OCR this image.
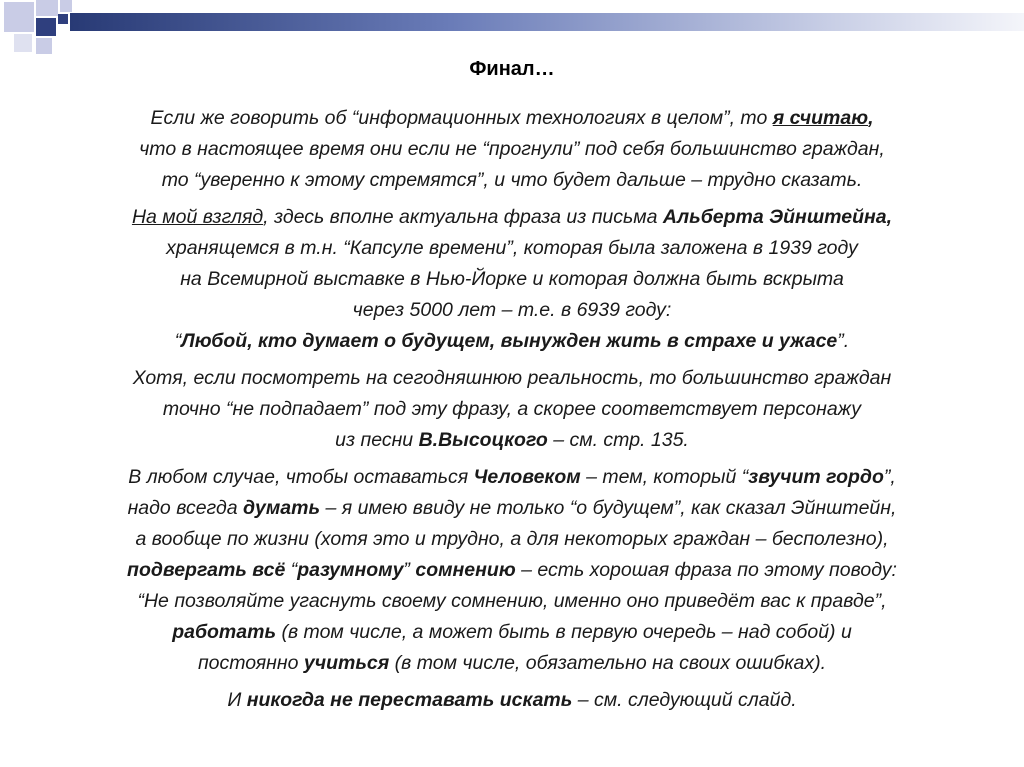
Финал…

Если же говорить об “информационных технологиях в целом”, то я считаю,
что в настоящее время они если не “прогнули” под себя большинство граждан,
то “уверенно к этому стремятся”, и что будет дальше – трудно сказать.

На мой взгляд, здесь вполне актуальна фраза из письма Альберта Эйнштейна,
хранящемся в т.н. “Капсуле времени”, которая была заложена в 1939 году
на Всемирной выставке в Нью-Йорке и которая должна быть вскрыта
через 5000 лет – т.е. в 6939 году:
“Любой, кто думает о будущем, вынужден жить в страхе и ужасе”.

Хотя, если посмотреть на сегодняшнюю реальность, то большинство граждан
точно “не подпадает” под эту фразу, а скорее соответствует персонажу
из песни В.Высоцкого – см. стр. 135.

В любом случае, чтобы оставаться Человеком – тем, который “звучит гордо”,
надо всегда думать – я имею ввиду не только “о будущем”, как сказал Эйнштейн,
а вообще по жизни (хотя это и трудно, а для некоторых граждан – бесполезно),
подвергать всё “разумному” сомнению – есть хорошая фраза по этому поводу:
“Не позволяйте угаснуть своему сомнению, именно оно приведёт вас к правде”,
работать (в том числе, а может быть в первую очередь – над собой) и
постоянно учиться (в том числе, обязательно на своих ошибках).

И никогда не переставать искать – см. следующий слайд.
